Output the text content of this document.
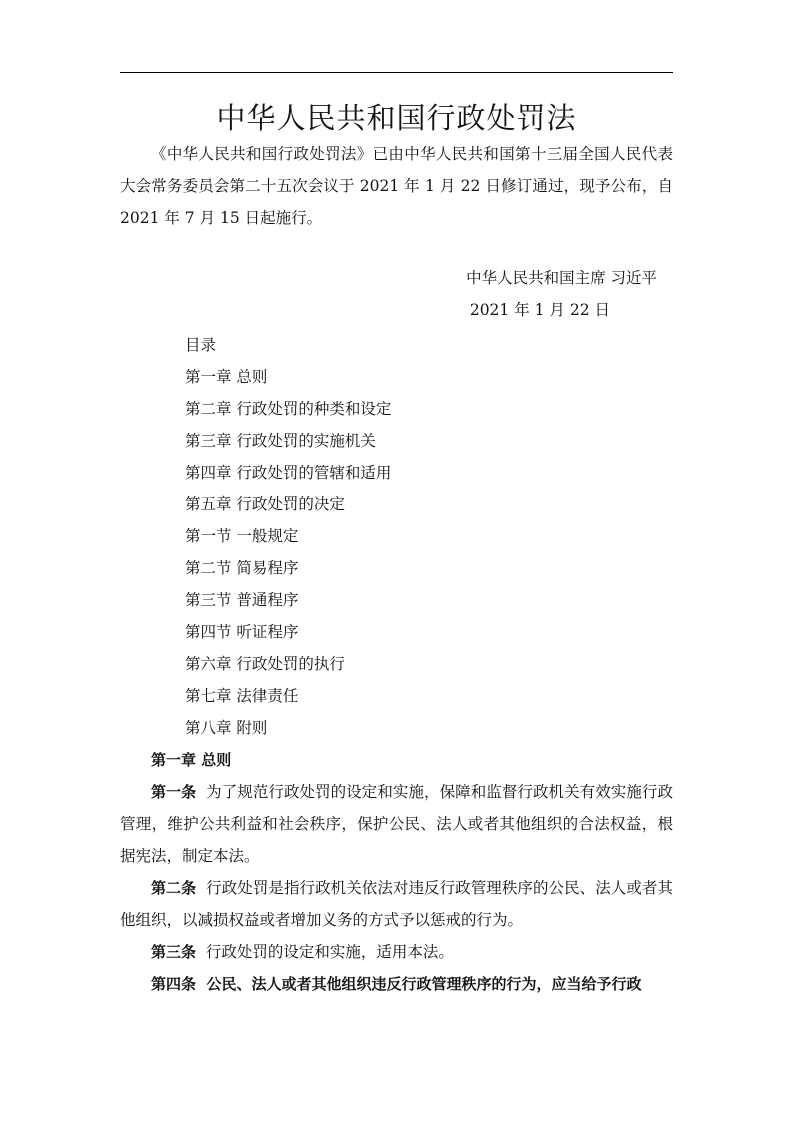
中华人民共和国行政处罚法

《中华人民共和国行政处罚法》已由中华人民共和国第十三届全国人民代表大会常务委员会第二十五次会议于 2021 年 1 月 22 日修订通过，现予公布，自 2021 年 7 月 15 日起施行。

中华人民共和国主席 习近平
2021 年 1 月 22 日
目录
第一章 总则
第二章 行政处罚的种类和设定
第三章 行政处罚的实施机关
第四章 行政处罚的管辖和适用
第五章 行政处罚的决定
第一节 一般规定
第二节 简易程序
第三节 普通程序
第四节 听证程序
第六章 行政处罚的执行
第七章 法律责任
第八章 附则

第一章 总则

第一条 为了规范行政处罚的设定和实施，保障和监督行政机关有效实施行政管理，维护公共利益和社会秩序，保护公民、法人或者其他组织的合法权益，根据宪法，制定本法。

第二条 行政处罚是指行政机关依法对违反行政管理秩序的公民、法人或者其他组织，以减损权益或者增加义务的方式予以惩戒的行为。

第三条 行政处罚的设定和实施，适用本法。

第四条 公民、法人或者其他组织违反行政管理秩序的行为，应当给予行政
